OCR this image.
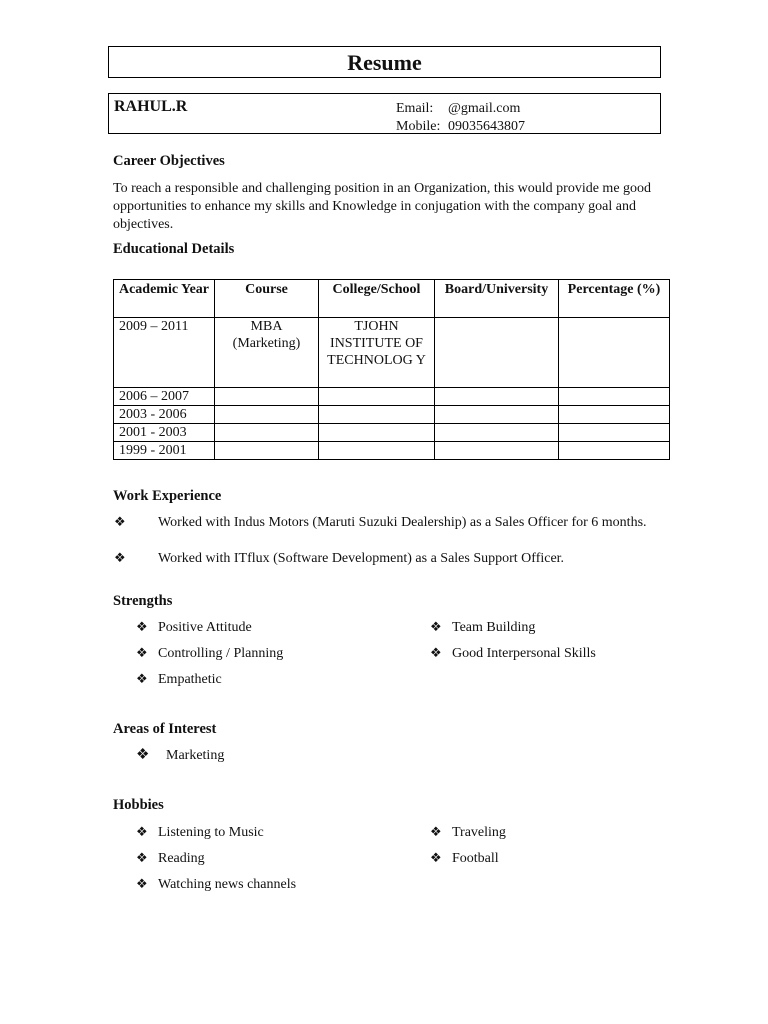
Resume
RAHUL.R	Email: @gmail.com
Mobile: 09035643807
Career Objectives
To reach a responsible and challenging position in an Organization, this would provide me good opportunities to enhance my skills and Knowledge in conjugation with the company goal and objectives.
Educational Details
Academic Year	Course	College/School	Board/University	Percentage (%)
2009 – 2011	MBA (Marketing)	TJOHN INSTITUTE OF TECHNOLOG Y		
2006 – 2007				
2003 - 2006				
2001 - 2003				
1999 - 2001				
Work Experience
❖ Worked with Indus Motors (Maruti Suzuki Dealership) as a Sales Officer for 6 months.
❖ Worked with ITflux (Software Development) as a Sales Support Officer.
Strengths
❖ Positive Attitude
❖ Controlling / Planning
❖ Empathetic
❖ Team Building
❖ Good Interpersonal Skills
Areas of Interest
❖ Marketing
Hobbies
❖ Listening to Music
❖ Reading
❖ Watching news channels
❖ Traveling
❖ Football
